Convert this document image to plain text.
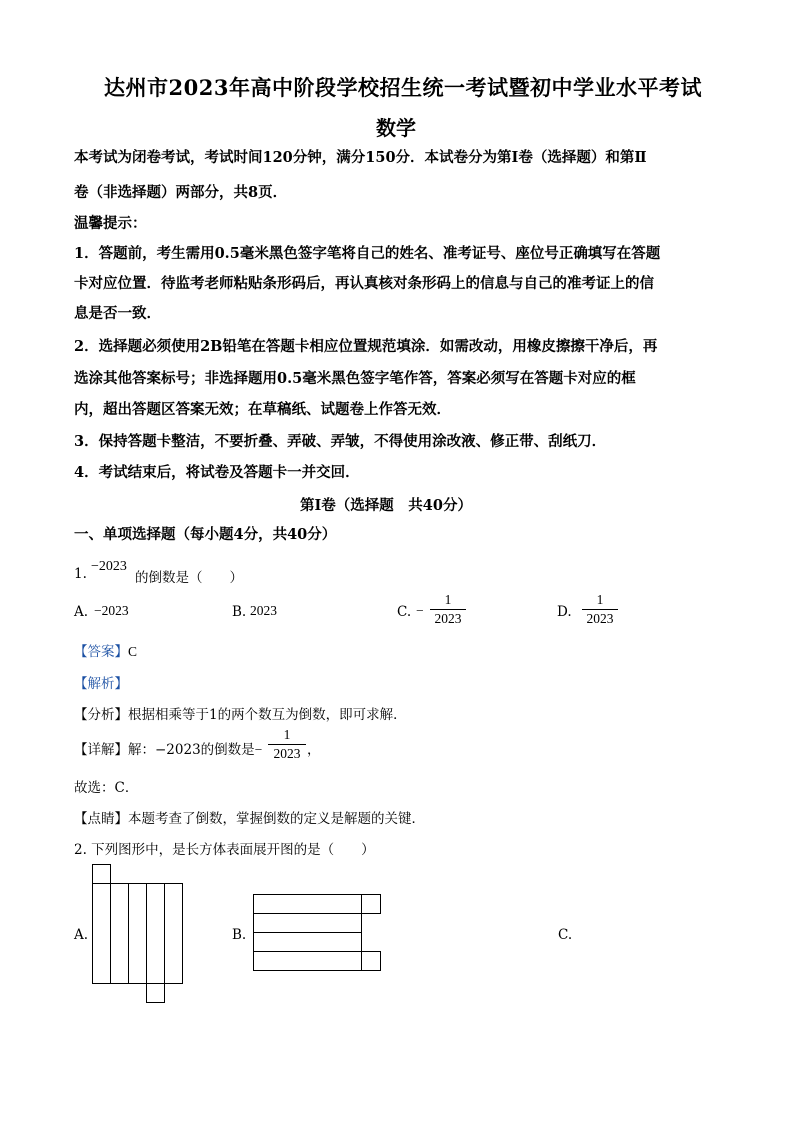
达州市2023年高中阶段学校招生统一考试暨初中学业水平考试
数学
本考试为闭卷考试，考试时间120分钟，满分150分．本试卷分为第Ⅰ卷（选择题）和第Ⅱ
卷（非选择题）两部分，共8页．
温馨提示：
1．答题前，考生需用0.5毫米黑色签字笔将自己的姓名、准考证号、座位号正确填写在答题
卡对应位置．待监考老师粘贴条形码后，再认真核对条形码上的信息与自己的准考证上的信
息是否一致．
2．选择题必须使用2B铅笔在答题卡相应位置规范填涂．如需改动，用橡皮擦擦干净后，再
选涂其他答案标号；非选择题用0.5毫米黑色签字笔作答，答案必须写在答题卡对应的框
内，超出答题区答案无效；在草稿纸、试题卷上作答无效．
3．保持答题卡整洁，不要折叠、弄破、弄皱，不得使用涂改液、修正带、刮纸刀．
4．考试结束后，将试卷及答题卡一并交回．
第Ⅰ卷（选择题　共40分）
一、单项选择题（每小题4分，共40分）
1. −2023
的倒数是（　　）
A. −2023	B. 2023	C. −
1
2023	D.
1
2023
【答案】C
【解析】
【分析】根据相乘等于1的两个数互为倒数，即可求解．
【详解】解：−2023的倒数是−
1
2023 ，
故选：C．
【点睛】本题考查了倒数，掌握倒数的定义是解题的关键．
2. 下列图形中，是长方体表面展开图的是（　　）
A.	B.	C.
